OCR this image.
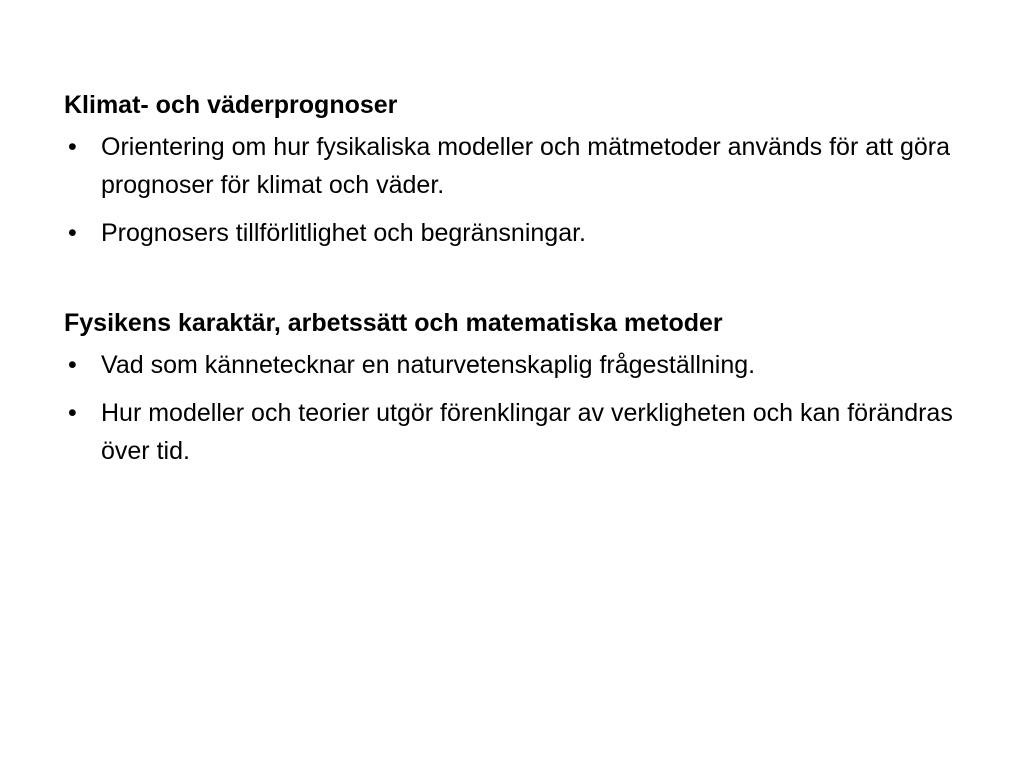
Klimat- och väderprognoser
• Orientering om hur fysikaliska modeller och mätmetoder används för att göra prognoser för klimat och väder.
• Prognosers tillförlitlighet och begränsningar.
Fysikens karaktär, arbetssätt och matematiska metoder
• Vad som kännetecknar en naturvetenskaplig frågeställning.
• Hur modeller och teorier utgör förenklingar av verkligheten och kan förändras över tid.
